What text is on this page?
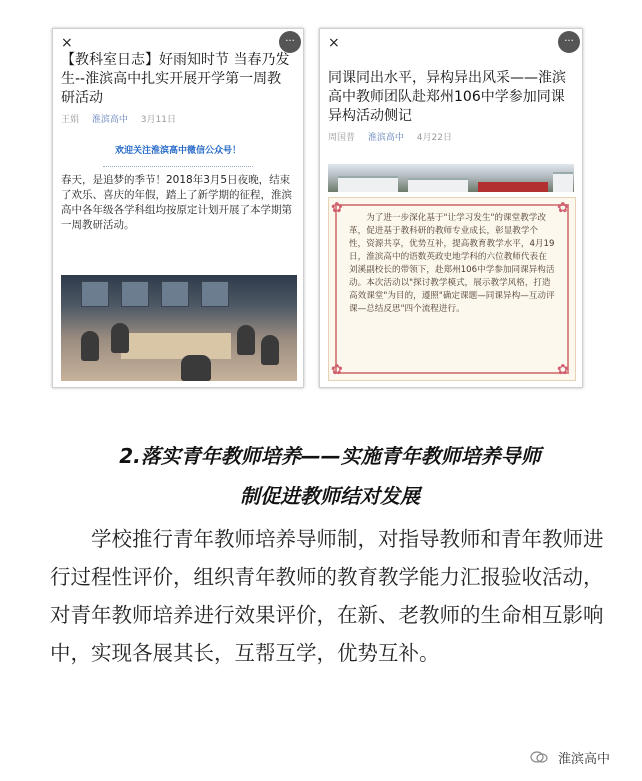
×	···

【教科室日志】好雨知时节 当春乃发生--淮滨高中扎实开展开学第一周教研活动

王娟 淮滨高中 3月11日
欢迎关注淮滨高中微信公众号！
春天，是追梦的季节！2018年3月5日夜晚，结束了欢乐、喜庆的年假，踏上了新学期的征程，淮滨高中各年级各学科组均按原定计划开展了本学期第一周教研活动。
×	···

同课同出水平，异构异出风采——淮滨高中教师团队赴郑州106中学参加同课异构活动侧记

周国普 淮滨高中 4月22日
✿	✿
✿	✿
为了进一步深化基于"让学习发生"的课堂教学改革，促进基于教科研的教师专业成长，彰显教学个性，资源共享，优势互补，提高教育教学水平，4月19日，淮滨高中的语数英政史地学科的六位教师代表在刘溪副校长的带领下，赴郑州106中学参加同课异构活动。本次活动以"探讨教学模式，展示教学风格，打造高效课堂"为目的，遵照"确定课题—同课异构—互动评课—总结反思"四个流程进行。
2.落实青年教师培养——实施青年教师培养导师
制促进教师结对发展

学校推行青年教师培养导师制，对指导教师和青年教师进行过程性评价，组织青年教师的教育教学能力汇报验收活动，对青年教师培养进行效果评价，在新、老教师的生命相互影响中，实现各展其长，互帮互学，优势互补。

淮滨高中
